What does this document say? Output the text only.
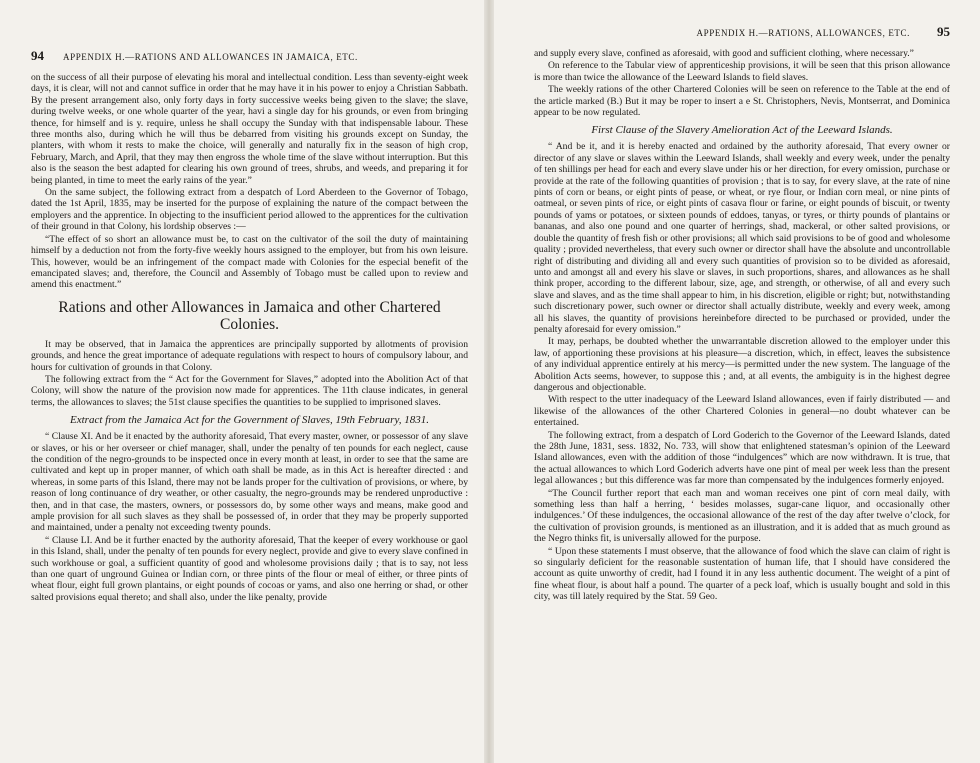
94 APPENDIX H.—RATIONS AND ALLOWANCES IN JAMAICA, ETC.

on the success of all their purpose of elevating his moral and intellectual condition. Less than seventy-eight week days, it is clear, will not and cannot suffice in order that he may have it in his power to enjoy a Christian Sabbath. By the present arrangement also, only forty days in forty successive weeks being given to the slave; the slave, during twelve weeks, or one whole quarter of the year, havi a single day for his grounds, or even from bringing thence, for himself and is y. require, unless he shall occupy the Sunday with that indispensable labour. These three months also, during which he will thus be debarred from visiting his grounds except on Sunday, the planters, with whom it rests to make the choice, will generally and naturally fix in the season of high crop, February, March, and April, that they may then engross the whole time of the slave without interruption. But this also is the season the best adapted for clearing his own ground of trees, shrubs, and weeds, and preparing it for being planted, in time to meet the early rains of the year.”

On the same subject, the following extract from a despatch of Lord Aberdeen to the Governor of Tobago, dated the 1st April, 1835, may be inserted for the purpose of explaining the nature of the compact between the employers and the apprentice. In objecting to the insufficient period allowed to the apprentices for the cultivation of their ground in that Colony, his lordship observes :—

“The effect of so short an allowance must be, to cast on the cultivator of the soil the duty of maintaining himself by a deduction not from the forty-five weekly hours assigned to the employer, but from his own leisure. This, however, would be an infringement of the compact made with Colonies for the especial benefit of the emancipated slaves; and, therefore, the Council and Assembly of Tobago must be called upon to review and amend this enactment.”

Rations and other Allowances in Jamaica and other Chartered Colonies.

It may be observed, that in Jamaica the apprentices are principally supported by allotments of provision grounds, and hence the great importance of adequate regulations with respect to hours of compulsory labour, and hours for cultivation of grounds in that Colony.

The following extract from the “ Act for the Government for Slaves,” adopted into the Abolition Act of that Colony, will show the nature of the provision now made for apprentices. The 11th clause indicates, in general terms, the allowances to slaves; the 51st clause specifies the quantities to be supplied to imprisoned slaves.

Extract from the Jamaica Act for the Government of Slaves, 19th February, 1831.

“ Clause XI. And be it enacted by the authority aforesaid, That every master, owner, or possessor of any slave or slaves, or his or her overseer or chief manager, shall, under the penalty of ten pounds for each neglect, cause the condition of the negro-grounds to be inspected once in every month at least, in order to see that the same are cultivated and kept up in proper manner, of which oath shall be made, as in this Act is hereafter directed : and whereas, in some parts of this Island, there may not be lands proper for the cultivation of provisions, or where, by reason of long continuance of dry weather, or other casualty, the negro-grounds may be rendered unproductive : then, and in that case, the masters, owners, or possessors do, by some other ways and means, make good and ample provision for all such slaves as they shall be possessed of, in order that they may be properly supported and maintained, under a penalty not exceeding twenty pounds.

“ Clause LI. And be it further enacted by the authority aforesaid, That the keeper of every workhouse or gaol in this Island, shall, under the penalty of ten pounds for every neglect, provide and give to every slave confined in such workhouse or goal, a sufficient quantity of good and wholesome provisions daily ; that is to say, not less than one quart of unground Guinea or Indian corn, or three pints of the flour or meal of either, or three pints of wheat flour, eight full grown plantains, or eight pounds of cocoas or yams, and also one herring or shad, or other salted provisions equal thereto; and shall also, under the like penalty, provide

APPENDIX H.—RATIONS, ALLOWANCES, ETC. 95

and supply every slave, confined as aforesaid, with good and sufficient clothing, where necessary.”

On reference to the Tabular view of apprenticeship provisions, it will be seen that this prison allowance is more than twice the allowance of the Leeward Islands to field slaves.

The weekly rations of the other Chartered Colonies will be seen on reference to the Table at the end of the article marked (B.) But it may be roper to insert a e St. Christophers, Nevis, Montserrat, and Dominica appear to be now regulated.

First Clause of the Slavery Amelioration Act of the Leeward Islands.

“ And be it, and it is hereby enacted and ordained by the authority aforesaid, That every owner or director of any slave or slaves within the Leeward Islands, shall weekly and every week, under the penalty of ten shillings per head for each and every slave under his or her direction, for every omission, purchase or provide at the rate of the following quantities of provision ; that is to say, for every slave, at the rate of nine pints of corn or beans, or eight pints of pease, or wheat, or rye flour, or Indian corn meal, or nine pints of oatmeal, or seven pints of rice, or eight pints of casava flour or farine, or eight pounds of biscuit, or twenty pounds of yams or potatoes, or sixteen pounds of eddoes, tanyas, or tyres, or thirty pounds of plantains or bananas, and also one pound and one quarter of herrings, shad, mackeral, or other salted provisions, or double the quantity of fresh fish or other provisions; all which said provisions to be of good and wholesome quality ; provided nevertheless, that every such owner or director shall have the absolute and uncontrollable right of distributing and dividing all and every such quantities of provision so to be divided as aforesaid, unto and amongst all and every his slave or slaves, in such proportions, shares, and allowances as he shall think proper, according to the different labour, size, age, and strength, or otherwise, of all and every such slave and slaves, and as the time shall appear to him, in his discretion, eligible or right; but, notwithstanding such discretionary power, such owner or director shall actually distribute, weekly and every week, among all his slaves, the quantity of provisions hereinbefore directed to be purchased or provided, under the penalty aforesaid for every omission.”

It may, perhaps, be doubted whether the unwarrantable discretion allowed to the employer under this law, of apportioning these provisions at his pleasure—a discretion, which, in effect, leaves the subsistence of any individual apprentice entirely at his mercy—is permitted under the new system. The language of the Abolition Acts seems, however, to suppose this ; and, at all events, the ambiguity is in the highest degree dangerous and objectionable.

With respect to the utter inadequacy of the Leeward Island allowances, even if fairly distributed — and likewise of the allowances of the other Chartered Colonies in general—no doubt whatever can be entertained.

The following extract, from a despatch of Lord Goderich to the Governor of the Leeward Islands, dated the 28th June, 1831, sess. 1832, No. 733, will show that enlightened statesman’s opinion of the Leeward Island allowances, even with the addition of those “indulgences” which are now withdrawn. It is true, that the actual allowances to which Lord Goderich adverts have one pint of meal per week less than the present legal allowances ; but this difference was far more than compensated by the indulgences formerly enjoyed.

“The Council further report that each man and woman receives one pint of corn meal daily, with something less than half a herring, ‘ besides molasses, sugar-cane liquor, and occasionally other indulgences.’ Of these indulgences, the occasional allowance of the rest of the day after twelve o’clock, for the cultivation of provision grounds, is mentioned as an illustration, and it is added that as much ground as the Negro thinks fit, is universally allowed for the purpose.

“ Upon these statements I must observe, that the allowance of food which the slave can claim of right is so singularly deficient for the reasonable sustentation of human life, that I should have considered the account as quite unworthy of credit, had I found it in any less authentic document. The weight of a pint of fine wheat flour, is about half a pound. The quarter of a peck loaf, which is usually bought and sold in this city, was till lately required by the Stat. 59 Geo.
